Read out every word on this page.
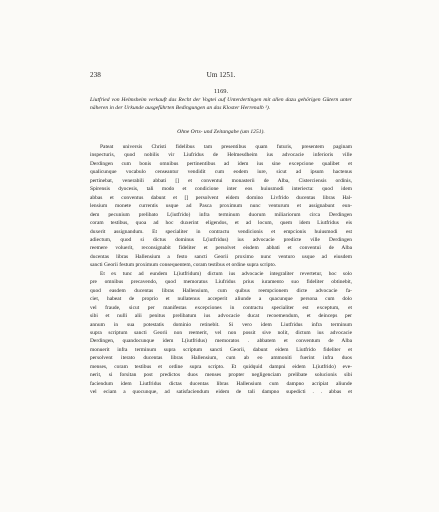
238	Um 1251.
1169.
Liutfried von Helmsheim verkauft das Recht der Vogtei auf Unterdertingen mit allen dazu gehörigen Gütern unter näheren in der Urkunde ausgeführten Bedingungen an das Kloster Herrenalb ¹).
Ohne Orts- und Zeitangabe (um 1251).
Pateat universis Christi fidelibus tam presentibus quam futuris, presentem paginam
inspecturis, quod nobilis vir Liufridus de Helmesdheim ius advocacie inferioris ville
Derdingen cum bonis omnibus pertinentibus ad idem ius sine excepcione qualibet et
qualicunque vocabulo censeantur vendidit cum eodem iure, sicut ad ipsum hactenus
pertinebat, venerabili abbati [] et conventui monasterii de Alba, Cisterciensis ordinis,
Spirensis dyocesis, tali modo et condicione inter eos huiusmodi interiecta: quod idem
abbas et conventus dabunt et [] persolvent eidem domino Livfrido ducentas libras Hal-
lensium monete currentis usque ad Pasca proximum nunc venturum et assignabunt eun-
dem pecunium prelibato L(iutfrido) infra terminum duorum miliariorum circa Derdingen
coram testibus, quoa ad hoc duxerint eligendos, et ad locum, quem idem Liutfridus eis
duxerit assignandum. Et specialiter in contractu vendicionis et empcionis huiusmodi est
adiectum, quod si dictus dominus L(iutfridus) ius advocacie predicte ville Derdingen
reemere voluerit, reconsignabit fideliter et persolvet eisdem abbati et conventui de Alba
ducentas libras Hallensium a festo sancti Georii proximo nunc venturo usque ad eiusdem
sancti Georii festum proximum consequentem, coram testibus et ordine supra scripto.
Et ex tunc ad eundem L(iutfridum) dictum ius advocacie integraliter revertetur, hoc solo
pre omnibus precavendo, quod memoratus Liufridus prius iuramento suo fideliter obtinebit,
quod easdem ducentas libras Hallensium, cum quibus reempcionem dicte advocacie fa-
ciet, habeat de proprio et nullatenus acceperit aliunde a quacunque persona cum dolo
vel fraude, sicut per manifestas excepciones in contractu specialiter est exceptum, et
sibi et nulli alii penitus prelibatum ius advocacie ducat recoemendum, et deinceps per
annum in sua potestatis dominio retinebit. Si vero idem Liutfridus infra terminum
supra scriptum sancti Georii non reemerit, vel non possit sive nolit, dictum ius advocacie
Derdingen, quandocunque idem L(iutfridus) memoratos . abbatem et conventum de Alba
monuerit infra terminum supra scriptum sancti Georii, dabunt eidem Liutfrido fideliter et
persolvent iterato ducentas libras Hallensium, cum ab eo ammoniti fuerint infra duos
menses, coram testibus et ordine supra scripto. Et quidquid dampni eidem L(iutfrido) eve-
nerit, si forsitan post predictos duos menses propter negligenciam prelibate solucionis sibi
faciendum idem Liutfridus dictas ducentas libras Hallensium cum dampno acripiat aliunde
vel eciam a quocunque, ad satisfaciendum eidem de tali dampno supedicti . . abbas et
